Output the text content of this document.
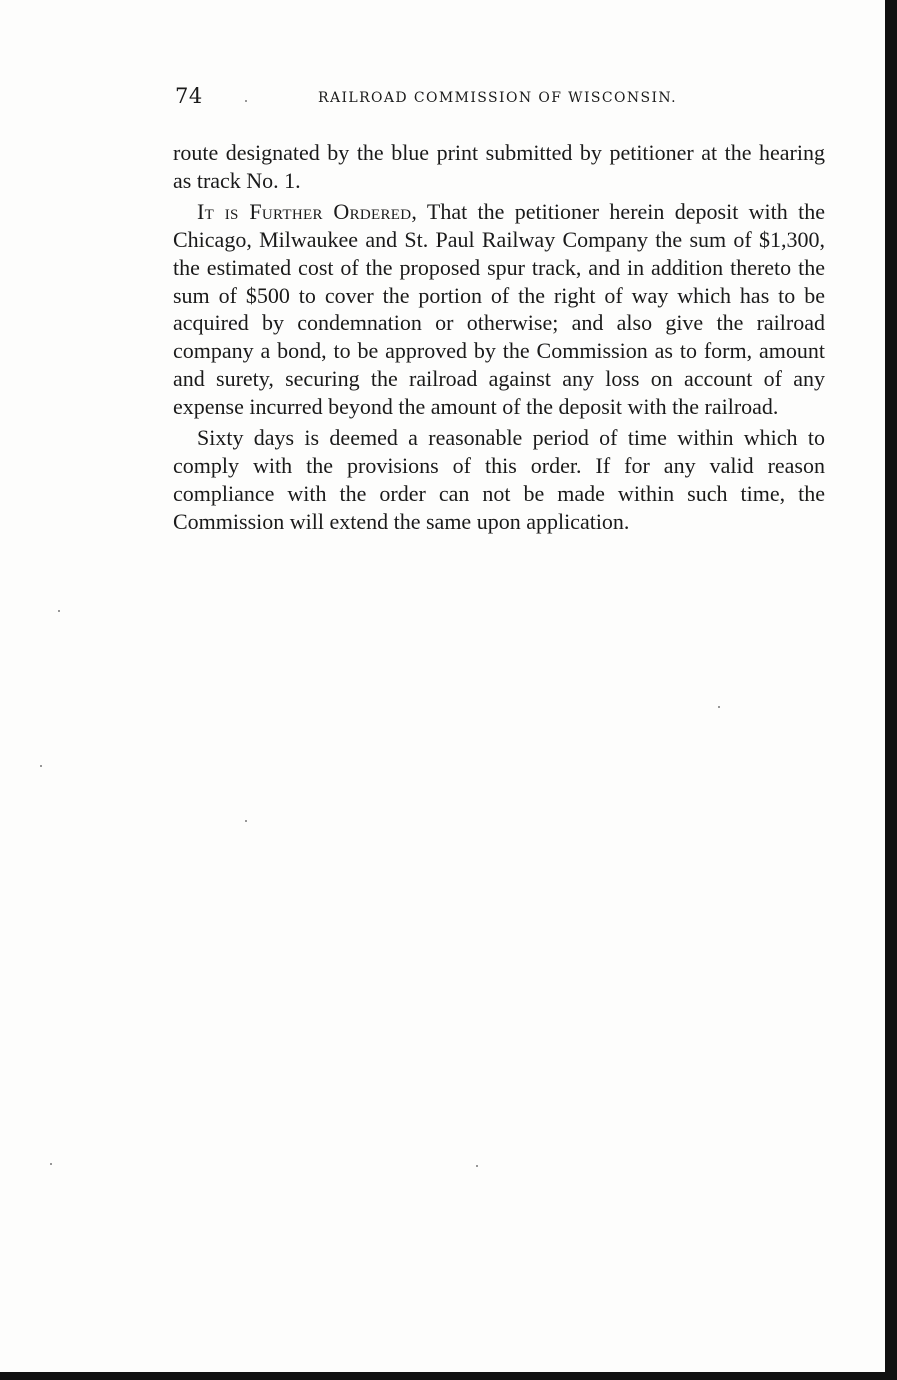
74	RAILROAD COMMISSION OF WISCONSIN.

route designated by the blue print submitted by petitioner at the hearing as track No. 1.

It is Further Ordered, That the petitioner herein deposit with the Chicago, Milwaukee and St. Paul Railway Company the sum of $1,300, the estimated cost of the proposed spur track, and in addition thereto the sum of $500 to cover the portion of the right of way which has to be acquired by condemnation or otherwise; and also give the railroad company a bond, to be approved by the Commission as to form, amount and surety, securing the railroad against any loss on account of any expense incurred beyond the amount of the deposit with the railroad.

Sixty days is deemed a reasonable period of time within which to comply with the provisions of this order. If for any valid reason compliance with the order can not be made within such time, the Commission will extend the same upon application.
